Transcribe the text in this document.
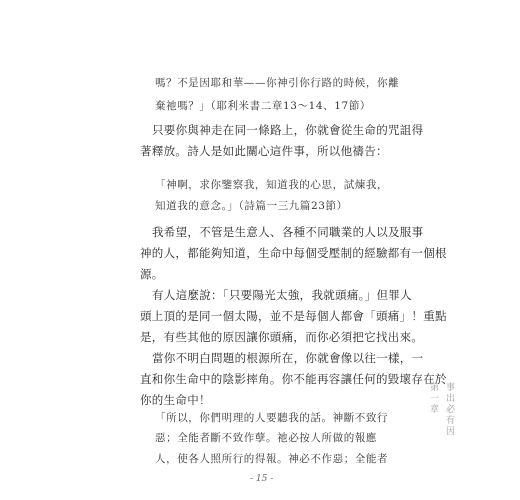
嗎？不是因耶和華——你神引你行路的時候，你離
棄祂嗎？」（耶利米書二章13～14、17節）
只要你與神走在同一條路上，你就會從生命的咒詛得
著釋放。詩人是如此關心這件事，所以他禱告：
「神啊，求你鑒察我，知道我的心思，試煉我，
知道我的意念。」（詩篇一三九篇23節）
我希望，不管是生意人、各種不同職業的人以及服事
神的人，都能夠知道，生命中每個受壓制的經驗都有一個根
源。
有人這麼說：「只要陽光太強，我就頭痛。」但罪人
頭上頂的是同一個太陽，並不是每個人都會「頭痛」！重點
是，有些其他的原因讓你頭痛，而你必須把它找出來。
當你不明白問題的根源所在，你就會像以往一樣，一
直和你生命中的陰影摔角。你不能再容讓任何的毀壞存在於
你的生命中！
「所以，你們明理的人要聽我的話。神斷不致行
惡；全能者斷不致作孽。祂必按人所做的報應
人，使各人照所行的得報。神必不作惡；全能者
第一章 事出必有因
- 15 -
